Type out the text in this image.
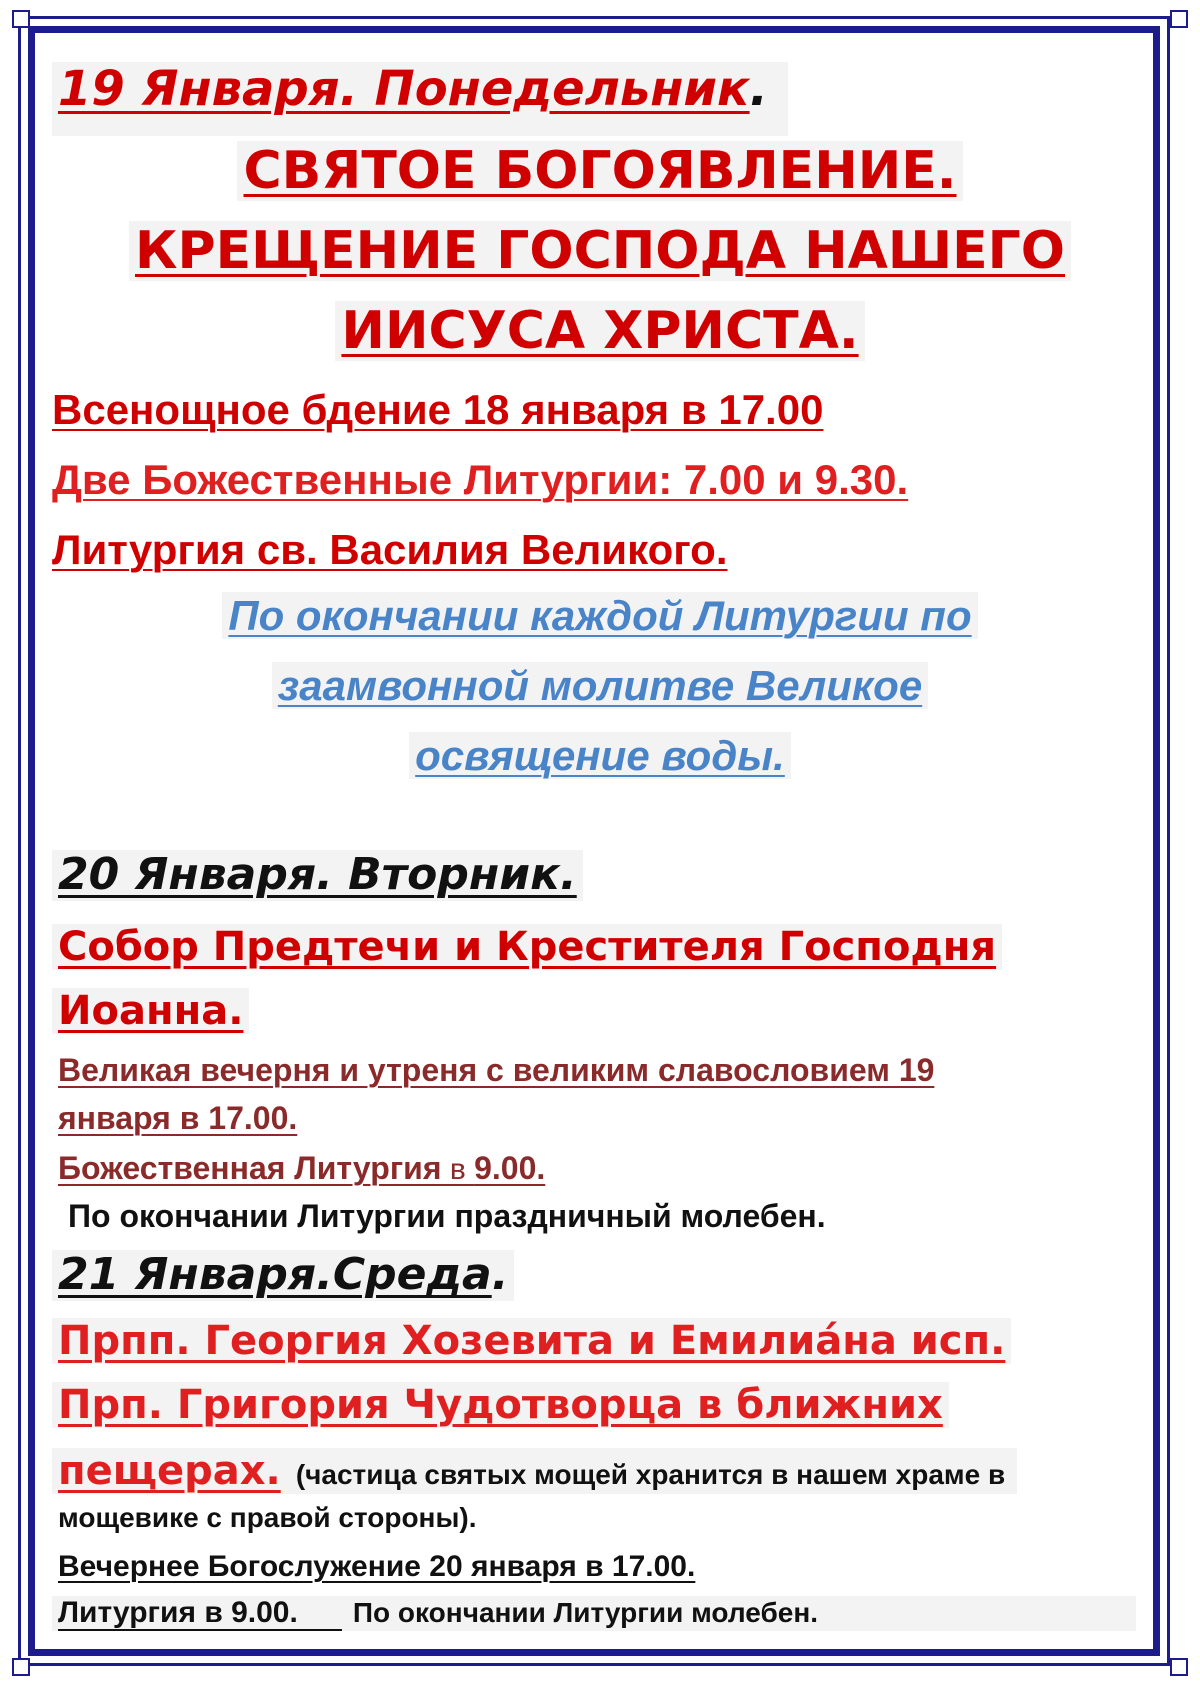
19 Января. Понедельник.
СВЯТОЕ БОГОЯВЛЕНИЕ.
КРЕЩЕНИЕ ГОСПОДА НАШЕГО
ИИСУСА ХРИСТА.
Всенощное бдение 18 января в 17.00
Две Божественные Литургии: 7.00 и 9.30.
Литургия св. Василия Великого.
По окончании каждой Литургии по
заамвонной молитве Великое
освящение воды.
20 Января. Вторник.
Собор Предтечи и Крестителя Господня
Иоанна.
Великая вечерня и утреня с великим славословием 19
января в 17.00.
Божественная Литургия в 9.00.
По окончании Литургии праздничный молебен.
21 Января.Среда.
Прпп. Георгия Хозевита и Емилиа́на исп.
Прп. Григория Чудотворца в ближних
пещерах. (частица святых мощей хранится в нашем храме в
мощевике с правой стороны).
Вечернее Богослужение 20 января в 17.00.
Литургия в 9.00. По окончании Литургии молебен.
